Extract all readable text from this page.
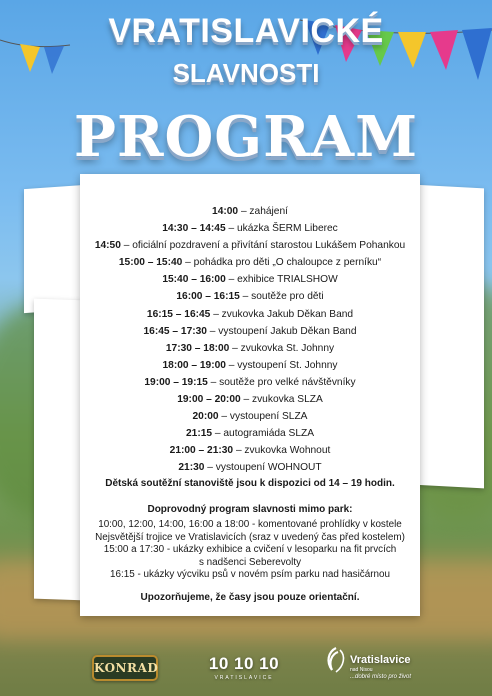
VRATISLAVICKÉ
SLAVNOSTI
PROGRAM
14:00 – zahájení
14:30 – 14:45 – ukázka ŠERM Liberec
14:50 – oficiální pozdravení a přivítání starostou Lukášem Pohankou
15:00 – 15:40 – pohádka pro děti „O chaloupce z perníku“
15:40 – 16:00 – exhibice TRIALSHOW
16:00 – 16:15 – soutěže pro děti
16:15 – 16:45 – zvukovka Jakub Děkan Band
16:45 – 17:30 – vystoupení Jakub Děkan Band
17:30 – 18:00 – zvukovka St. Johnny
18:00 – 19:00 – vystoupení St. Johnny
19:00 – 19:15 – soutěže pro velké návštěvníky
19:00 – 20:00 – zvukovka SLZA
20:00 – vystoupení SLZA
21:15 – autogramiáda SLZA
21:00 – 21:30 – zvukovka Wohnout
21:30 – vystoupení WOHNOUT
Dětská soutěžní stanoviště jsou k dispozici od 14 – 19 hodin.
Doprovodný program slavnosti mimo park:
10:00, 12:00, 14:00, 16:00 a 18:00 - komentované prohlídky v kostele
Nejsvětější trojice ve Vratislavicích (sraz v uvedený čas před kostelem)
15:00 a 17:30 - ukázky exhibice a cvičení v lesoparku na fit prvcích
s nadšenci Seberevolty
16:15 - ukázky výcviku psů v novém psím parku nad hasičárnou
Upozorňujeme, že časy jsou pouze orientační.
KONRAD	10 10 10
VRATISLAVICE
Vratislavice
nad Nisou
...dobré místo pro život
